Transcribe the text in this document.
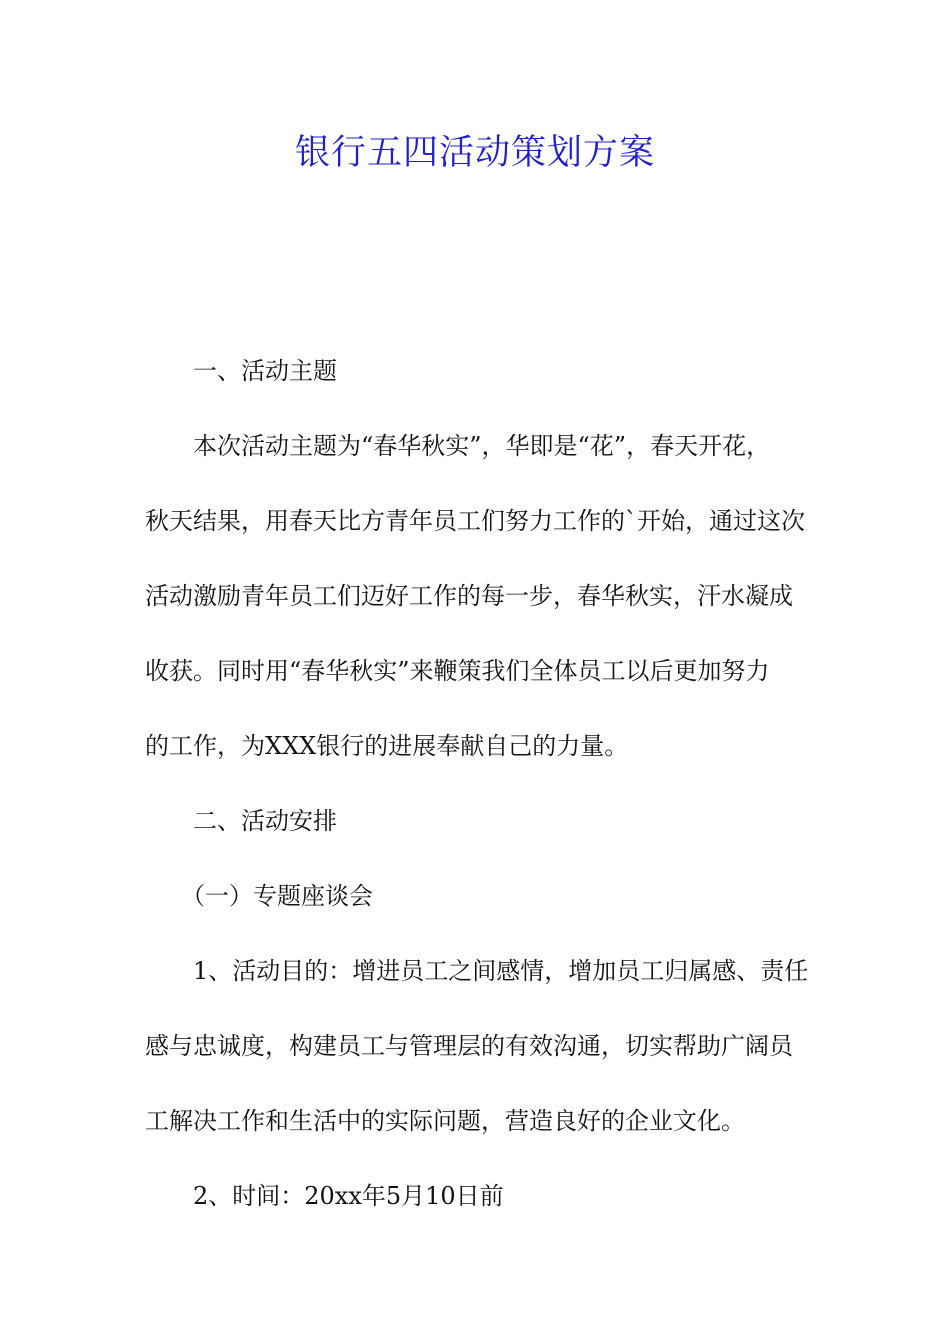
银行五四活动策划方案

一、活动主题

本次活动主题为“春华秋实”，华即是“花”，春天开花，

秋天结果，用春天比方青年员工们努力工作的`开始，通过这次

活动激励青年员工们迈好工作的每一步，春华秋实，汗水凝成

收获。同时用“春华秋实”来鞭策我们全体员工以后更加努力

的工作，为XXX银行的进展奉献自己的力量。

二、活动安排

（一）专题座谈会

1、活动目的：增进员工之间感情，增加员工归属感、责任

感与忠诚度，构建员工与管理层的有效沟通，切实帮助广阔员

工解决工作和生活中的实际问题，营造良好的企业文化。

2、时间：20xx年5月10日前
